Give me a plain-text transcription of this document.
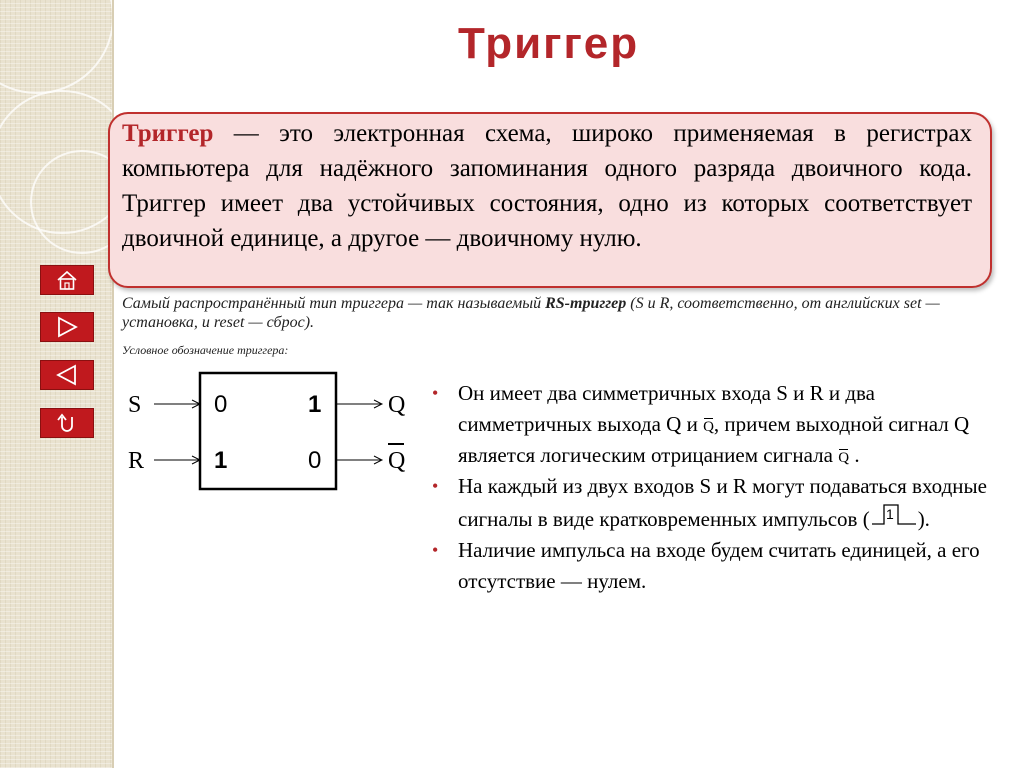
Триггер
Триггер — это электронная схема, широко применяемая в регистрах компьютера для надёжного запоминания одного разряда двоичного кода. Триггер имеет два устойчивых состояния, одно из которых соответствует двоичной единице, а другое — двоичному нулю.
Самый распространённый тип триггера — так называемый RS-триггер (S и R, соответственно, от английских set — установка, и reset — сброс).
Условное обозначение триггера:
S
R
Q
Q
0	1
1	0
• Он имеет два симметричных входа S и R и два симметричных выхода Q и Q, причем выходной сигнал Q является логическим отрицанием сигнала Q .
• На каждый из двух входов S и R могут подаваться входные сигналы в виде кратковременных импульсов ( 1 ).
• Наличие импульса на входе будем считать единицей, а его отсутствие — нулем.
